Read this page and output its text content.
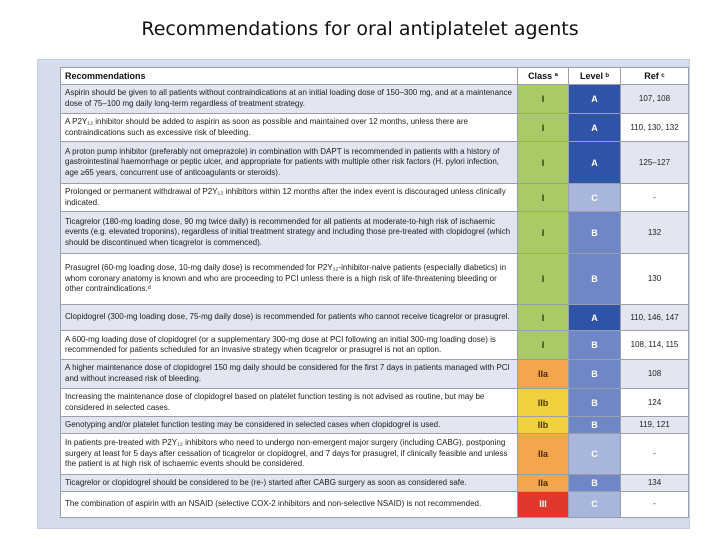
Recommendations for oral antiplatelet agents
Recommendations	Class ª	Level ᵇ	Ref ᶜ
Aspirin should be given to all patients without contraindications at an initial loading dose of 150–300 mg, and at a maintenance dose of 75–100 mg daily long-term regardless of treatment strategy.	I	A	107, 108
A P2Y₁₂ inhibitor should be added to aspirin as soon as possible and maintained over 12 months, unless there are contraindications such as excessive risk of bleeding.	I	A	110, 130, 132
A proton pump inhibitor (preferably not omeprazole) in combination with DAPT is recommended in patients with a history of gastrointestinal haemorrhage or peptic ulcer, and appropriate for patients with multiple other risk factors (H. pylori infection, age ≥65 years, concurrent use of anticoagulants or steroids).	I	A	125–127
Prolonged or permanent withdrawal of P2Y₁₂ inhibitors within 12 months after the index event is discouraged unless clinically indicated.	I	C	-
Ticagrelor (180-mg loading dose, 90 mg twice daily) is recommended for all patients at moderate-to-high risk of ischaemic events (e.g. elevated troponins), regardless of initial treatment strategy and including those pre-treated with clopidogrel (which should be discontinued when ticagrelor is commenced).	I	B	132
Prasugrel (60-mg loading dose, 10-mg daily dose) is recommended for P2Y₁₂-inhibitor-naive patients (especially diabetics) in whom coronary anatomy is known and who are proceeding to PCI unless there is a high risk of life-threatening bleeding or other contraindications.ᵈ	I	B	130
Clopidogrel (300-mg loading dose, 75-mg daily dose) is recommended for patients who cannot receive ticagrelor or prasugrel.	I	A	110, 146, 147
A 600-mg loading dose of clopidogrel (or a supplementary 300-mg dose at PCI following an initial 300-mg loading dose) is recommended for patients scheduled for an invasive strategy when ticagrelor or prasugrel is not an option.	I	B	108, 114, 115
A higher maintenance dose of clopidogrel 150 mg daily should be considered for the first 7 days in patients managed with PCI and without increased risk of bleeding.	IIa	B	108
Increasing the maintenance dose of clopidogrel based on platelet function testing is not advised as routine, but may be considered in selected cases.	IIb	B	124
Genotyping and/or platelet function testing may be considered in selected cases when clopidogrel is used.	IIb	B	119, 121
In patients pre-treated with P2Y₁₂ inhibitors who need to undergo non-emergent major surgery (including CABG), postponing surgery at least for 5 days after cessation of ticagrelor or clopidogrel, and 7 days for prasugrel, if clinically feasible and unless the patient is at high risk of ischaemic events should be considered.	IIa	C	-
Ticagrelor or clopidogrel should be considered to be (re-) started after CABG surgery as soon as considered safe.	IIa	B	134
The combination of aspirin with an NSAID (selective COX-2 inhibitors and non-selective NSAID) is not recommended.	III	C	-
